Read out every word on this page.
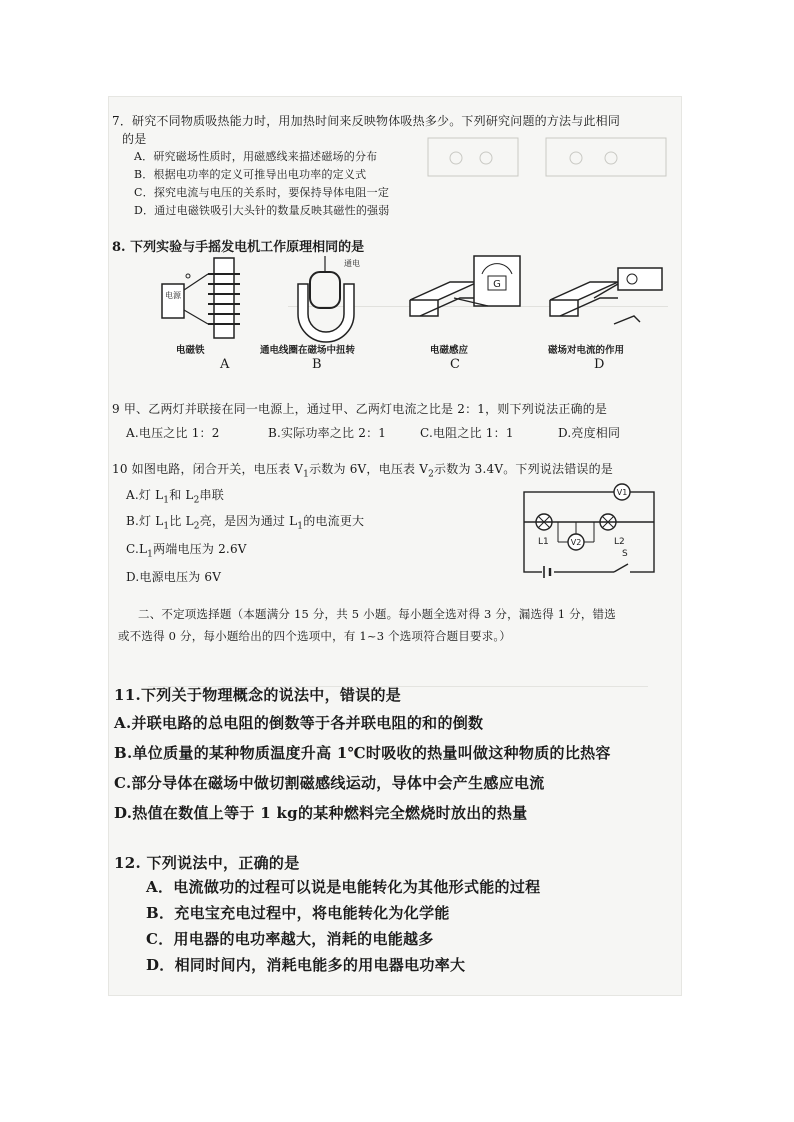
7．研究不同物质吸热能力时，用加热时间来反映物体吸热多少。下列研究问题的方法与此相同
的是
A．研究磁场性质时，用磁感线来描述磁场的分布
B．根据电功率的定义可推导出电功率的定义式
C．探究电流与电压的关系时，要保持导体电阻一定
D．通过电磁铁吸引大头针的数量反映其磁性的强弱
8. 下列实验与手摇发电机工作原理相同的是
电源
通电
G
电磁铁	通电线圈在磁场中扭转	电磁感应	磁场对电流的作用
A	B	C	D
9 甲、乙两灯并联接在同一电源上，通过甲、乙两灯电流之比是 2：1，则下列说法正确的是
A.电压之比 1：2	B.实际功率之比 2：1	C.电阻之比 1：1	D.亮度相同
10 如图电路，闭合开关，电压表 $V_1$示数为 6V，电压表 $V_2$示数为 3.4V。下列说法错误的是
A.灯 $L_1$和 $L_2$串联
B.灯 $L_1$比 $L_2$亮，是因为通过 $L_1$的电流更大
$C.L_1$两端电压为 2.6V
D.电源电压为 6V
V1
L1	L2
V2
S
二、不定项选择题（本题满分 15 分，共 5 小题。每小题全选对得 3 分，漏选得 1 分，错选
或不选得 0 分，每小题给出的四个选项中，有 1~3 个选项符合题目要求。）
11.下列关于物理概念的说法中，错误的是
A.并联电路的总电阻的倒数等于各并联电阻的和的倒数
B.单位质量的某种物质温度升高 1℃时吸收的热量叫做这种物质的比热容
C.部分导体在磁场中做切割磁感线运动，导体中会产生感应电流
D.热值在数值上等于 1 kg的某种燃料完全燃烧时放出的热量
12. 下列说法中，正确的是
A．电流做功的过程可以说是电能转化为其他形式能的过程
B．充电宝充电过程中，将电能转化为化学能
C．用电器的电功率越大，消耗的电能越多
D．相同时间内，消耗电能多的用电器电功率大
